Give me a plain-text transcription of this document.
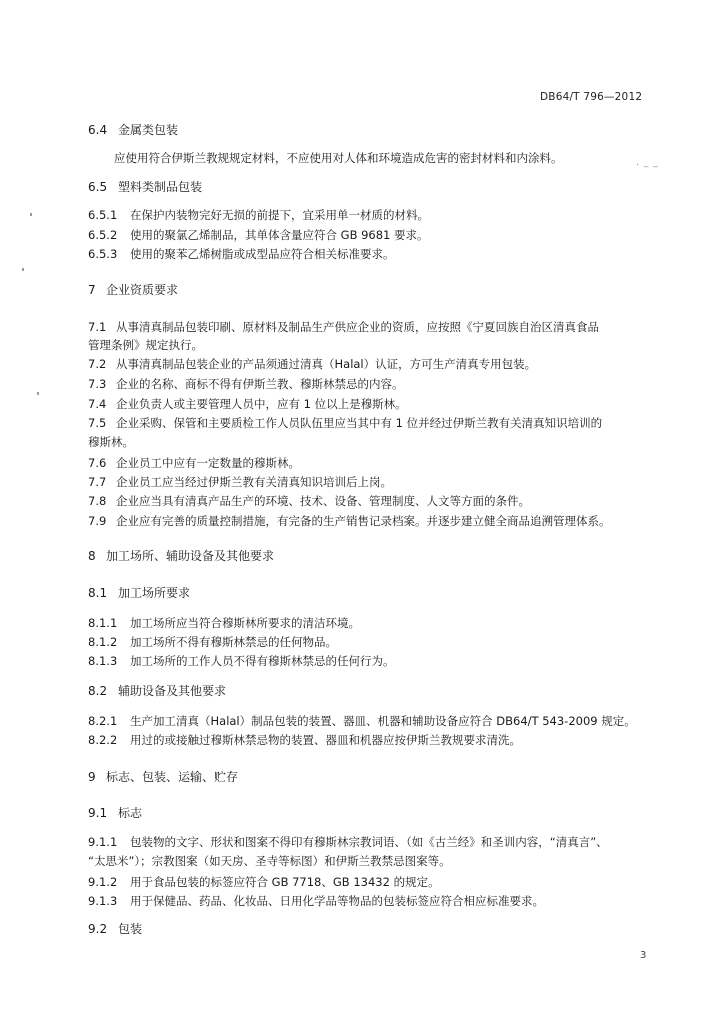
DB64/T 796—2012
6.4 金属类包装
应使用符合伊斯兰教规规定材料，不应使用对人体和环境造成危害的密封材料和内涂料。	. _ _
6.5 塑料类制品包装
6.5.1 在保护内装物完好无损的前提下，宜采用单一材质的材料。
6.5.2 使用的聚氯乙烯制品，其单体含量应符合 GB 9681 要求。
6.5.3 使用的聚苯乙烯树脂或成型品应符合相关标准要求。
7 企业资质要求
7.1 从事清真制品包装印刷、原材料及制品生产供应企业的资质，应按照《宁夏回族自治区清真食品
管理条例》规定执行。
7.2 从事清真制品包装企业的产品须通过清真（Halal）认证，方可生产清真专用包装。
7.3 企业的名称、商标不得有伊斯兰教、穆斯林禁忌的内容。
7.4 企业负责人或主要管理人员中，应有 1 位以上是穆斯林。
7.5 企业采购、保管和主要质检工作人员队伍里应当其中有 1 位并经过伊斯兰教有关清真知识培训的
穆斯林。
7.6 企业员工中应有一定数量的穆斯林。
7.7 企业员工应当经过伊斯兰教有关清真知识培训后上岗。
7.8 企业应当具有清真产品生产的环境、技术、设备、管理制度、人文等方面的条件。
7.9 企业应有完善的质量控制措施，有完备的生产销售记录档案。并逐步建立健全商品追溯管理体系。
8 加工场所、辅助设备及其他要求
8.1 加工场所要求
8.1.1 加工场所应当符合穆斯林所要求的清洁环境。
8.1.2 加工场所不得有穆斯林禁忌的任何物品。
8.1.3 加工场所的工作人员不得有穆斯林禁忌的任何行为。
8.2 辅助设备及其他要求
8.2.1 生产加工清真（Halal）制品包装的装置、器皿、机器和辅助设备应符合 DB64/T 543-2009 规定。
8.2.2 用过的或接触过穆斯林禁忌物的装置、器皿和机器应按伊斯兰教规要求清洗。
9 标志、包装、运输、贮存
9.1 标志
9.1.1 包装物的文字、形状和图案不得印有穆斯林宗教词语、（如《古兰经》和圣训内容，“清真言”、
“太思米”）；宗教图案（如天房、圣寺等标图）和伊斯兰教禁忌图案等。
9.1.2 用于食品包装的标签应符合 GB 7718、GB 13432 的规定。
9.1.3 用于保健品、药品、化妆品、日用化学品等物品的包装标签应符合相应标准要求。
9.2 包装
3
